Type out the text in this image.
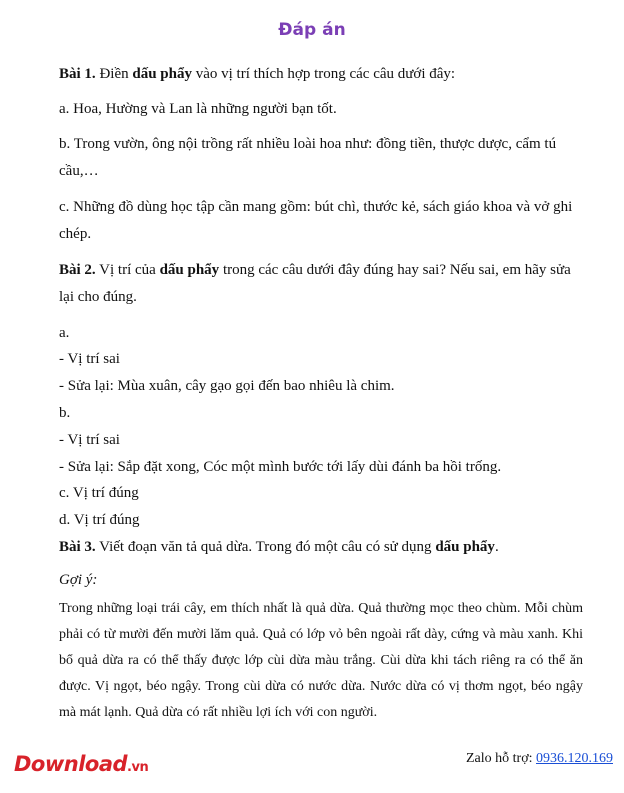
Đáp án

Bài 1. Điền dấu phẩy vào vị trí thích hợp trong các câu dưới đây:

a. Hoa, Hường và Lan là những người bạn tốt.

b. Trong vườn, ông nội trồng rất nhiều loài hoa như: đồng tiền, thược dược, cẩm tú cầu,…

c. Những đồ dùng học tập cần mang gồm: bút chì, thước kẻ, sách giáo khoa và vở ghi chép.

Bài 2. Vị trí của dấu phẩy trong các câu dưới đây đúng hay sai? Nếu sai, em hãy sửa lại cho đúng.

a.

- Vị trí sai

- Sửa lại: Mùa xuân, cây gạo gọi đến bao nhiêu là chim.

b.

- Vị trí sai

- Sửa lại: Sắp đặt xong, Cóc một mình bước tới lấy dùi đánh ba hồi trống.

c. Vị trí đúng

d. Vị trí đúng

Bài 3. Viết đoạn văn tả quả dừa. Trong đó một câu có sử dụng dấu phẩy.

Gợi ý:

Trong những loại trái cây, em thích nhất là quả dừa. Quả thường mọc theo chùm. Mỗi chùm phải có từ mười đến mười lăm quả. Quả có lớp vỏ bên ngoài rất dày, cứng và màu xanh. Khi bổ quả dừa ra có thể thấy được lớp cùi dừa màu trắng. Cùi dừa khi tách riêng ra có thể ăn được. Vị ngọt, béo ngậy. Trong cùi dừa có nước dừa. Nước dừa có vị thơm ngọt, béo ngậy mà mát lạnh. Quả dừa có rất nhiều lợi ích với con người.

Download.vn
Zalo hỗ trợ: 0936.120.169
